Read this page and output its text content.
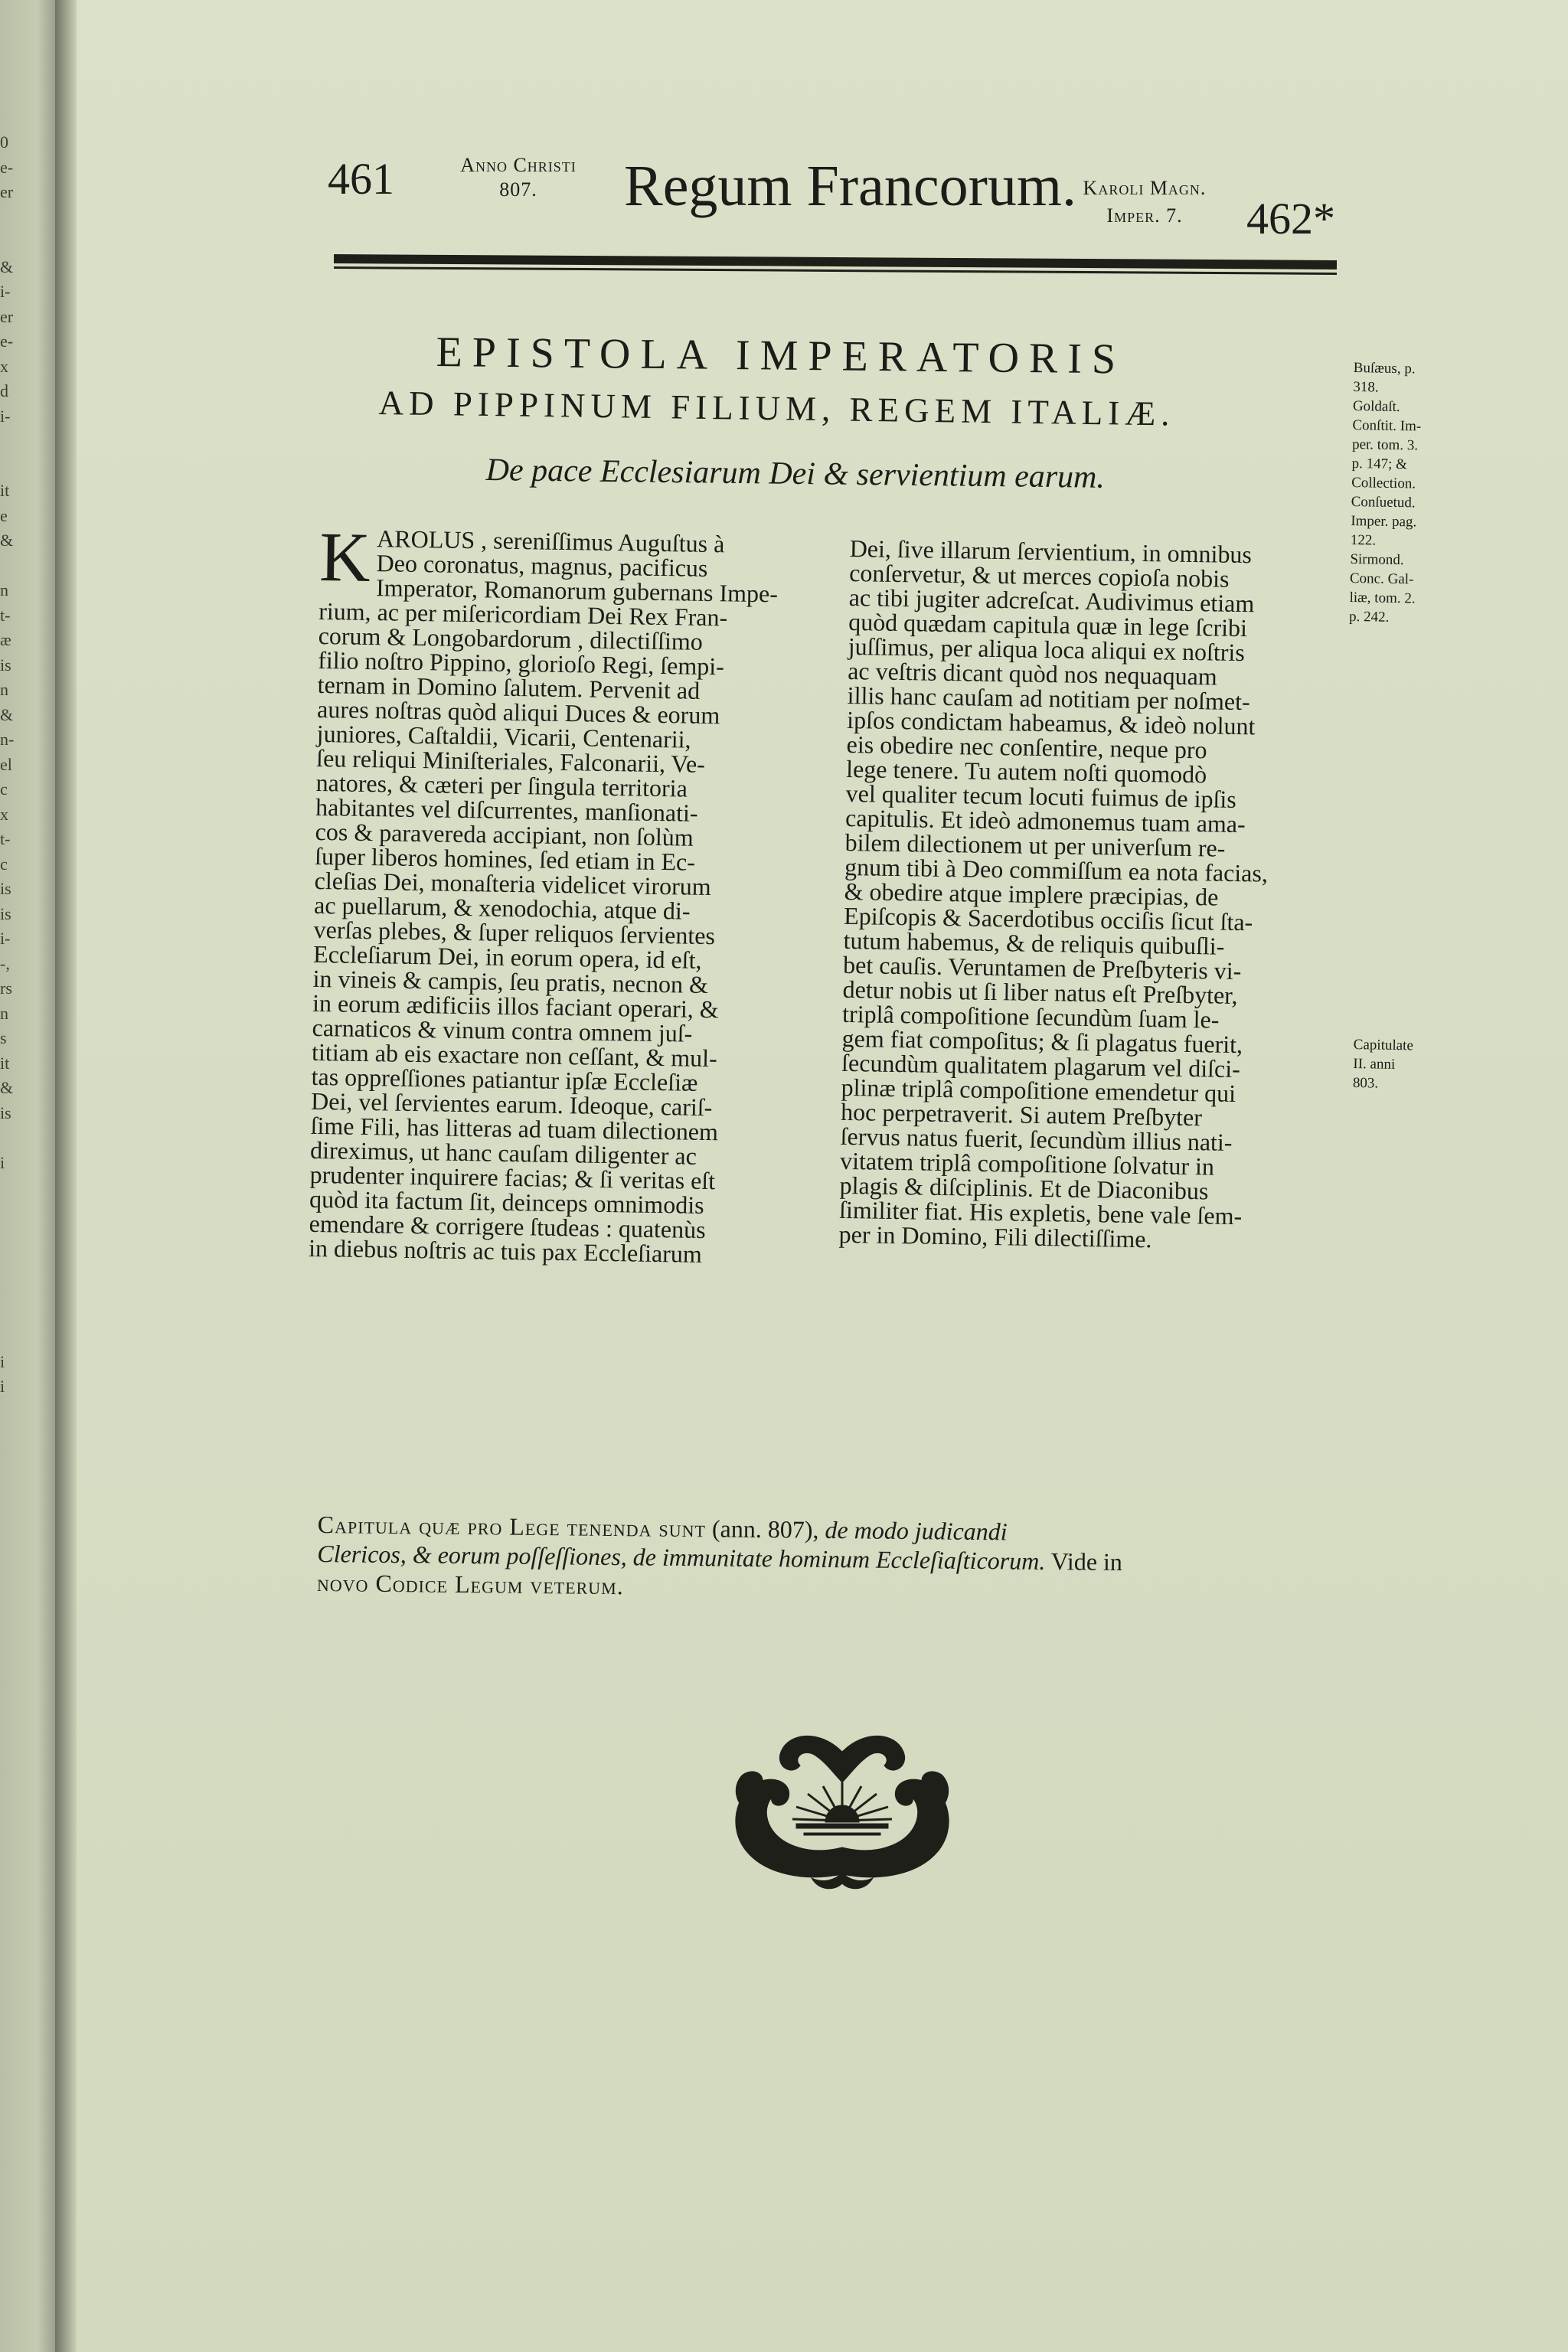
0
e-
er
&
i-
er
e-
x
d
i-
it
e
&
n
t-
æ
is
n
&
n-
el
c
x
t-
c
is
is
i-
-,
rs
n
s
it
&
is
i
i
i
461	Anno Christi
807.	Regum Francorum. Karoli Magn.
Imper. 7.	462*
EPISTOLA IMPERATORIS
AD PIPPINUM FILIUM, REGEM ITALIÆ.
De pace Ecclesiarum Dei & servientium earum.
K AROLUS , sereniſſimus Auguſtus à
Deo coronatus, magnus, pacificus
Imperator, Romanorum gubernans Impe-
rium, ac per miſericordiam Dei Rex Fran-
corum & Longobardorum , dilectiſſimo
filio noſtro Pippino, glorioſo Regi, ſempi-
ternam in Domino ſalutem. Pervenit ad
aures noſtras quòd aliqui Duces & eorum
juniores, Caſtaldii, Vicarii, Centenarii,
ſeu reliqui Miniſteriales, Falconarii, Ve-
natores, & cæteri per ſingula territoria
habitantes vel diſcurrentes, manſionati-
cos & paravereda accipiant, non ſolùm
ſuper liberos homines, ſed etiam in Ec-
cleſias Dei, monaſteria videlicet virorum
ac puellarum, & xenodochia, atque di-
verſas plebes, & ſuper reliquos ſervientes
Eccleſiarum Dei, in eorum opera, id eſt,
in vineis & campis, ſeu pratis, necnon &
in eorum ædificiis illos faciant operari, &
carnaticos & vinum contra omnem juſ-
titiam ab eis exactare non ceſſant, & mul-
tas oppreſſiones patiantur ipſæ Eccleſiæ
Dei, vel ſervientes earum. Ideoque, cariſ-
ſime Fili, has litteras ad tuam dilectionem
direximus, ut hanc cauſam diligenter ac
prudenter inquirere facias; & ſi veritas eſt
quòd ita factum ſit, deinceps omnimodis
emendare & corrigere ſtudeas : quatenùs
in diebus noſtris ac tuis pax Eccleſiarum
Dei, ſive illarum ſervientium, in omnibus
conſervetur, & ut merces copioſa nobis
ac tibi jugiter adcreſcat. Audivimus etiam
quòd quædam capitula quæ in lege ſcribi
juſſimus, per aliqua loca aliqui ex noſtris
ac veſtris dicant quòd nos nequaquam
illis hanc cauſam ad notitiam per noſmet-
ipſos condictam habeamus, & ideò nolunt
eis obedire nec conſentire, neque pro
lege tenere. Tu autem noſti quomodò
vel qualiter tecum locuti fuimus de ipſis
capitulis. Et ideò admonemus tuam ama-
bilem dilectionem ut per univerſum re-
gnum tibi à Deo commiſſum ea nota facias,
& obedire atque implere præcipias, de
Epiſcopis & Sacerdotibus occiſis ſicut ſta-
tutum habemus, & de reliquis quibuſli-
bet cauſis. Veruntamen de Preſbyteris vi-
detur nobis ut ſi liber natus eſt Preſbyter,
triplâ compoſitione ſecundùm ſuam le-
gem fiat compoſitus; & ſi plagatus fuerit,
ſecundùm qualitatem plagarum vel diſci-
plinæ triplâ compoſitione emendetur qui
hoc perpetraverit. Si autem Preſbyter
ſervus natus fuerit, ſecundùm illius nati-
vitatem triplâ compoſitione ſolvatur in
plagis & diſciplinis. Et de Diaconibus
ſimiliter fiat. His expletis, bene vale ſem-
per in Domino, Fili dilectiſſime.
Buſæus, p.
318.
Goldaſt.
Conſtit. Im-
per. tom. 3.
p. 147; &
Collection.
Conſuetud.
Imper. pag.
122.
Sirmond.
Conc. Gal-
liæ, tom. 2.
p. 242.
Capitulate
II. anni
803.
Capitula quæ pro Lege tenenda sunt (ann. 807), de modo judicandi
Clericos, & eorum poſſeſſiones, de immunitate hominum Eccleſiaſticorum. Vide in
novo Codice Legum veterum.
